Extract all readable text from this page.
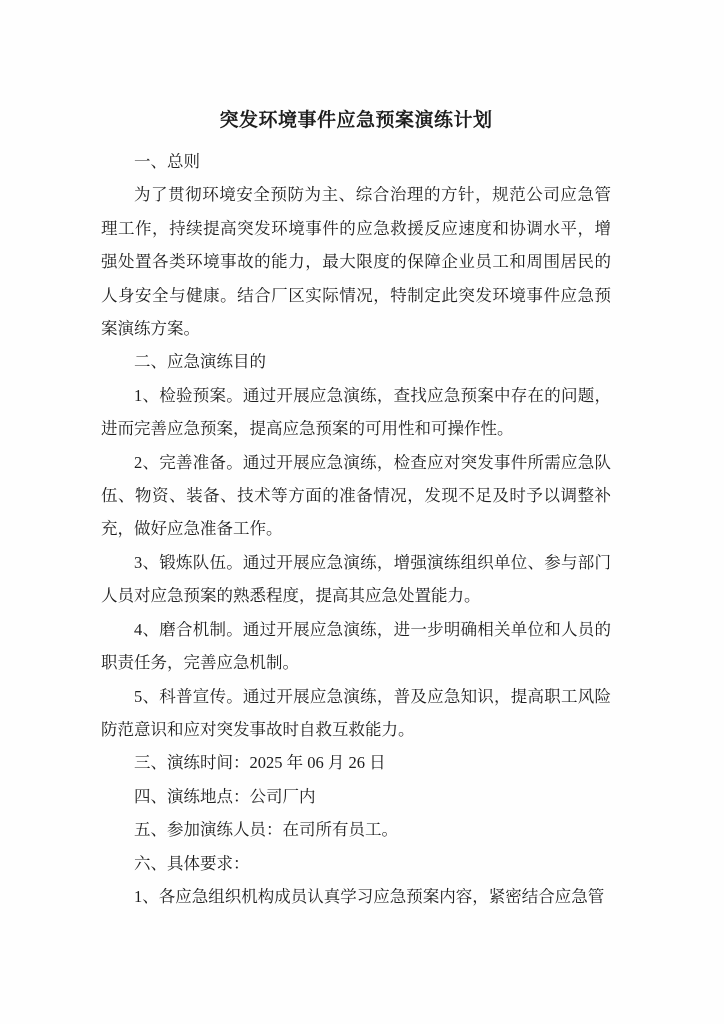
突发环境事件应急预案演练计划

一、总则

为了贯彻环境安全预防为主、综合治理的方针，规范公司应急管理工作，持续提高突发环境事件的应急救援反应速度和协调水平，增强处置各类环境事故的能力，最大限度的保障企业员工和周围居民的人身安全与健康。结合厂区实际情况，特制定此突发环境事件应急预案演练方案。

二、应急演练目的

1、检验预案。通过开展应急演练，查找应急预案中存在的问题，进而完善应急预案，提高应急预案的可用性和可操作性。

2、完善准备。通过开展应急演练，检查应对突发事件所需应急队伍、物资、装备、技术等方面的准备情况，发现不足及时予以调整补充，做好应急准备工作。

3、锻炼队伍。通过开展应急演练，增强演练组织单位、参与部门人员对应急预案的熟悉程度，提高其应急处置能力。

4、磨合机制。通过开展应急演练，进一步明确相关单位和人员的职责任务，完善应急机制。

5、科普宣传。通过开展应急演练，普及应急知识，提高职工风险防范意识和应对突发事故时自救互救能力。

三、演练时间：2025 年 06 月 26 日

四、演练地点：公司厂内

五、参加演练人员：在司所有员工。

六、具体要求：

1、各应急组织机构成员认真学习应急预案内容，紧密结合应急管
